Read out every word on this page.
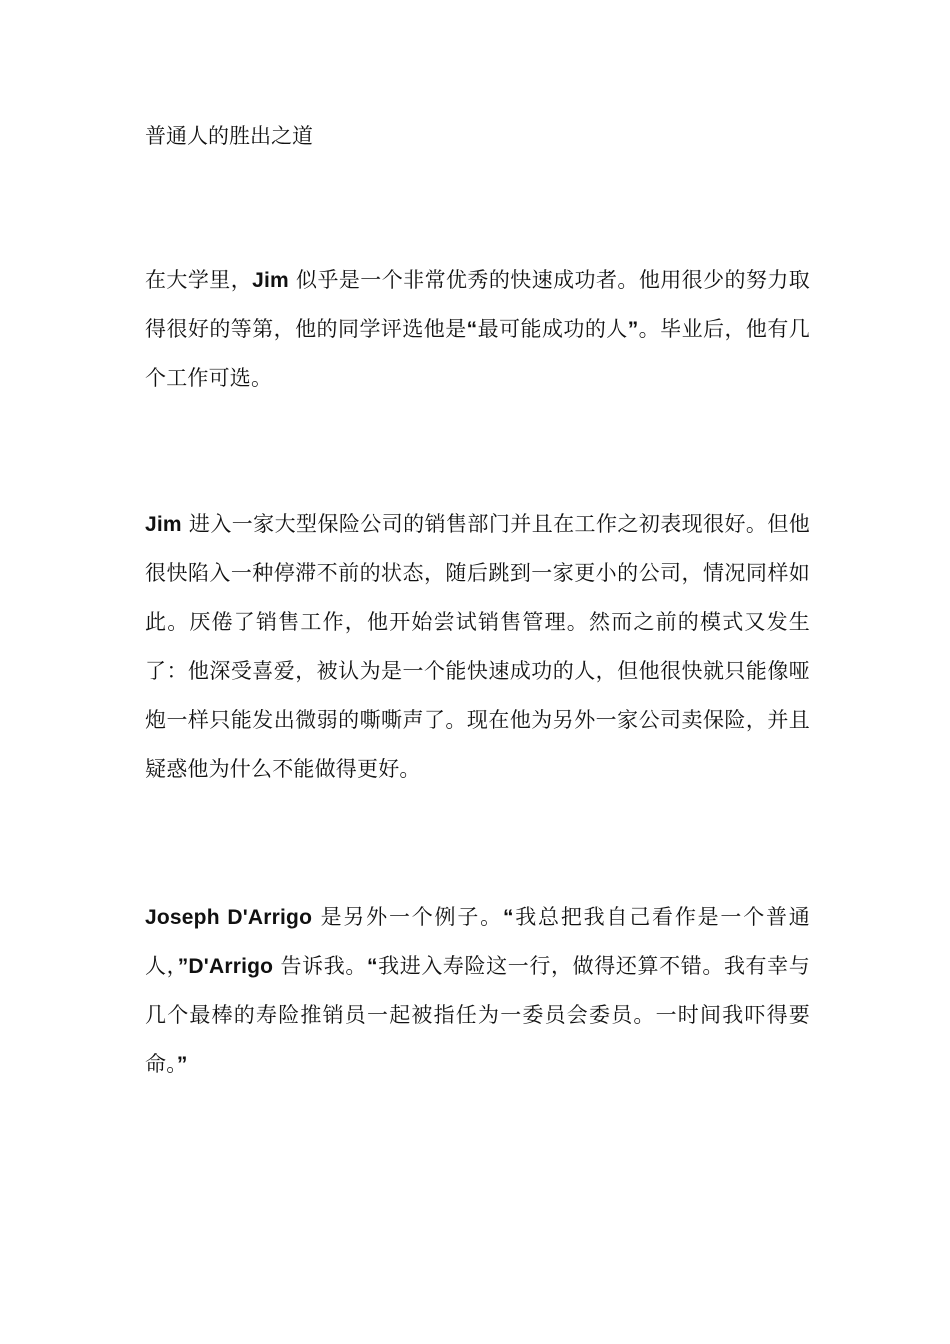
普通人的胜出之道

在大学里，Jim 似乎是一个非常优秀的快速成功者。他用很少的努力取得很好的等第，他的同学评选他是“最可能成功的人”。毕业后，他有几个工作可选。

Jim 进入一家大型保险公司的销售部门并且在工作之初表现很好。但他很快陷入一种停滞不前的状态，随后跳到一家更小的公司，情况同样如此。厌倦了销售工作，他开始尝试销售管理。然而之前的模式又发生了：他深受喜爱，被认为是一个能快速成功的人，但他很快就只能像哑炮一样只能发出微弱的嘶嘶声了。现在他为另外一家公司卖保险，并且疑惑他为什么不能做得更好。

Joseph D'Arrigo 是另外一个例子。“我总把我自己看作是一个普通人，”D'Arrigo 告诉我。“我进入寿险这一行，做得还算不错。我有幸与几个最棒的寿险推销员一起被指任为一委员会委员。一时间我吓得要命。”
